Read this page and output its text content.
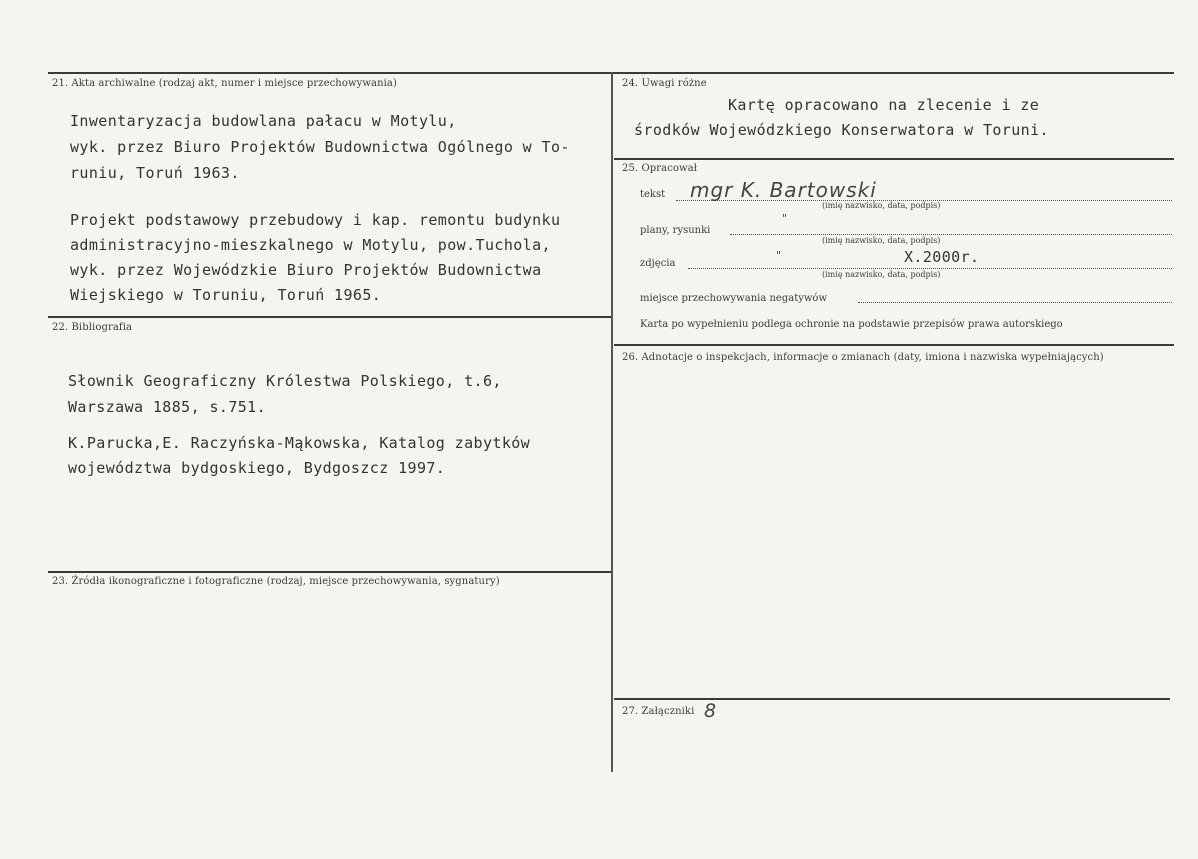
21. Akta archiwalne (rodzaj akt, numer i miejsce przechowywania)
Inwentaryzacja budowlana pałacu w Motylu,
wyk. przez Biuro Projektów Budownictwa Ogólnego w To-
runiu, Toruń 1963.
Projekt podstawowy przebudowy i kap. remontu budynku
administracyjno-mieszkalnego w Motylu, pow.Tuchola,
wyk. przez Wojewódzkie Biuro Projektów Budownictwa
Wiejskiego w Toruniu, Toruń 1965.
22. Bibliografia
Słownik Geograficzny Królestwa Polskiego, t.6,
Warszawa 1885, s.751.
K.Parucka,E. Raczyńska-Mąkowska, Katalog zabytków
województwa bydgoskiego, Bydgoszcz 1997.
23. Źródła ikonograficzne i fotograficzne (rodzaj, miejsce przechowywania, sygnatury)
24. Uwagi różne
Kartę opracowano na zlecenie i ze
środków Wojewódzkiego Konserwatora w Toruni.
25. Opracował
tekst mgr K. Bartowski
(imię nazwisko, data, podpis)
plany, rysunki
"
(imię nazwisko, data, podpis)
zdjęcia
"	X.2000r.
(imię nazwisko, data, podpis)
miejsce przechowywania negatywów
Karta po wypełnieniu podlega ochronie na podstawie przepisów prawa autorskiego
26. Adnotacje o inspekcjach, informacje o zmianach (daty, imiona i nazwiska wypełniających)
27. Załączniki 8
